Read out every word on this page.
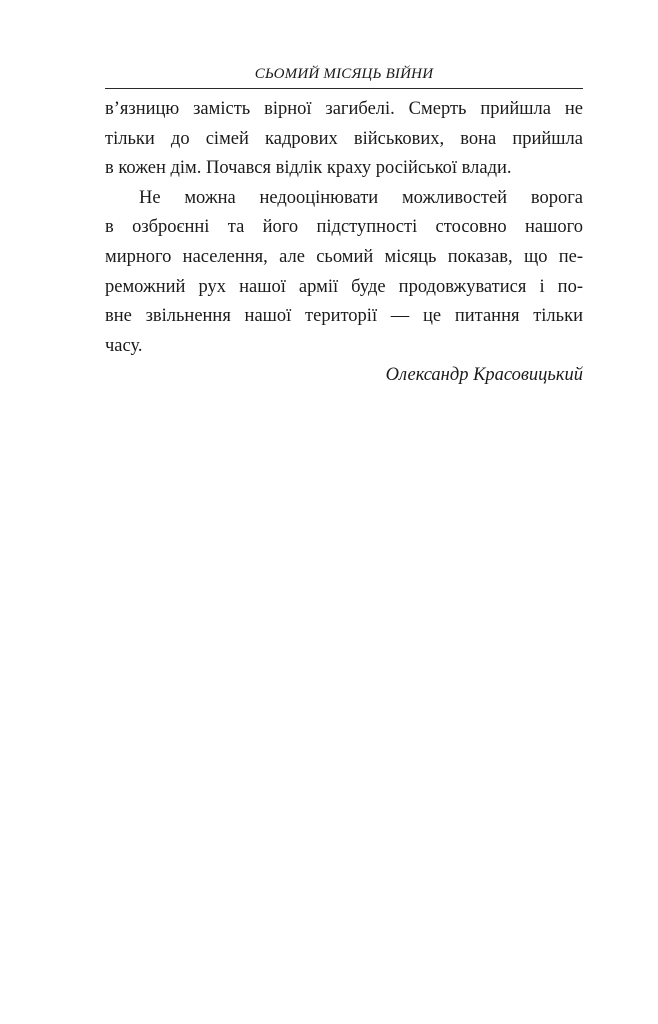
СЬОМИЙ МІСЯЦЬ ВІЙНИ
в’язницю замість вірної загибелі. Смерть прийшла не
тільки до сімей кадрових військових, вона прийшла
в кожен дім. Почався відлік краху російської влади.
Не можна недооцінювати можливостей ворога
в озброєнні та його підступності стосовно нашого
мирного населення, але сьомий місяць показав, що пе-
реможний рух нашої армії буде продовжуватися і по-
вне звільнення нашої території — це питання тільки
часу.
Олександр Красовицький
